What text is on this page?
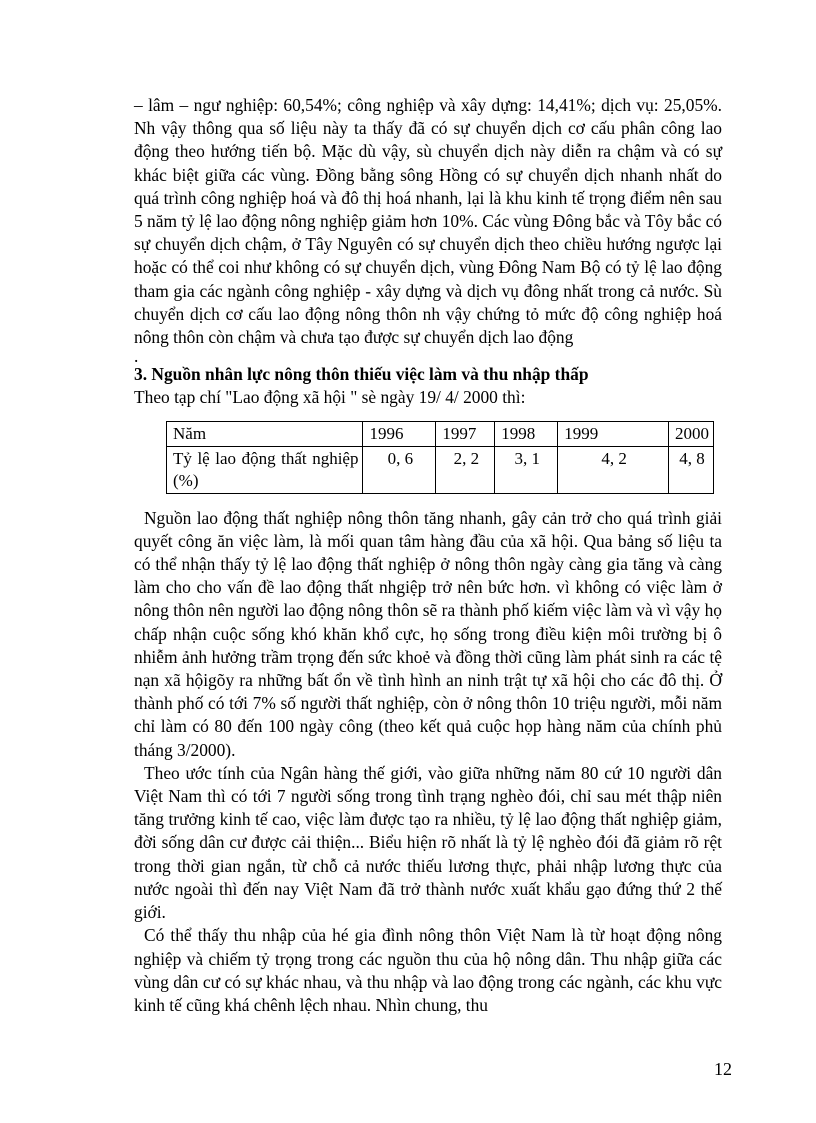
– lâm – ngư nghiệp: 60,54%; công nghiệp và xây dựng: 14,41%; dịch vụ: 25,05%. Nh vậy thông qua số liệu này ta thấy đã có sự chuyển dịch cơ cấu phân công lao động theo hướng tiến bộ. Mặc dù vậy, sù chuyển dịch này diễn ra chậm và có sự khác biệt giữa các vùng. Đồng bằng sông Hồng có sự chuyển dịch nhanh nhất do quá trình công nghiệp hoá và đô thị hoá nhanh, lại là khu kinh tế trọng điểm nên sau 5 năm tỷ lệ lao động nông nghiệp giảm hơn 10%. Các vùng Đông bắc và Tôy bắc có sự chuyển dịch chậm, ở Tây Nguyên có sự chuyển dịch theo chiều hướng ngược lại hoặc có thể coi như không có sự chuyển dịch, vùng Đông Nam Bộ có tỷ lệ lao động tham gia các ngành công nghiệp - xây dựng và dịch vụ đông nhất trong cả nước. Sù chuyển dịch cơ cấu lao động nông thôn nh vậy chứng tỏ mức độ công nghiệp hoá nông thôn còn chậm và chưa tạo được sự chuyển dịch lao động

.

3. Nguồn nhân lực nông thôn thiếu việc làm và thu nhập thấp

Theo tạp chí "Lao động xã hội " sè ngày 19/ 4/ 2000 thì:

Năm	1996	1997	1998	1999	2000
Tỷ lệ lao động thất nghiệp (%)	0, 6	2, 2	3, 1	4, 2	4, 8

Nguồn lao động thất nghiệp nông thôn tăng nhanh, gây cản trở cho quá trình giải quyết công ăn việc làm, là mối quan tâm hàng đầu của xã hội. Qua bảng số liệu ta có thể nhận thấy tỷ lệ lao động thất nghiệp ở nông thôn ngày càng gia tăng và càng làm cho cho vấn đề lao động thất nhgiệp trở nên bức hơn. vì không có việc làm ở nông thôn nên người lao động nông thôn sẽ ra thành phố kiếm việc làm và vì vậy họ chấp nhận cuộc sống khó khăn khổ cực, họ sống trong điều kiện môi trường bị ô nhiễm ảnh hưởng trầm trọng đến sức khoẻ và đồng thời cũng làm phát sinh ra các tệ nạn xã hộigõy ra những bất ổn về tình hình an ninh trật tự xã hội cho các đô thị. Ở thành phố có tới 7% số người thất nghiệp, còn ở nông thôn 10 triệu người, mỗi năm chỉ làm có 80 đến 100 ngày công (theo kết quả cuộc họp hàng năm của chính phủ tháng 3/2000).

Theo ước tính của Ngân hàng thế giới, vào giữa những năm 80 cứ 10 người dân Việt Nam thì có tới 7 người sống trong tình trạng nghèo đói, chỉ sau mét thập niên tăng trưởng kinh tế cao, việc làm được tạo ra nhiều, tỷ lệ lao động thất nghiệp giảm, đời sống dân cư được cải thiện... Biểu hiện rõ nhất là tỷ lệ nghèo đói đã giảm rõ rệt trong thời gian ngắn, từ chỗ cả nước thiếu lương thực, phải nhập lương thực của nước ngoài thì đến nay Việt Nam đã trở thành nước xuất khẩu gạo đứng thứ 2 thế giới.

Có thể thấy thu nhập của hé gia đình nông thôn Việt Nam là từ hoạt động nông nghiệp và chiếm tỷ trọng trong các nguồn thu của hộ nông dân. Thu nhập giữa các vùng dân cư có sự khác nhau, và thu nhập và lao động trong các ngành, các khu vực kinh tế cũng khá chênh lệch nhau. Nhìn chung, thu

12
